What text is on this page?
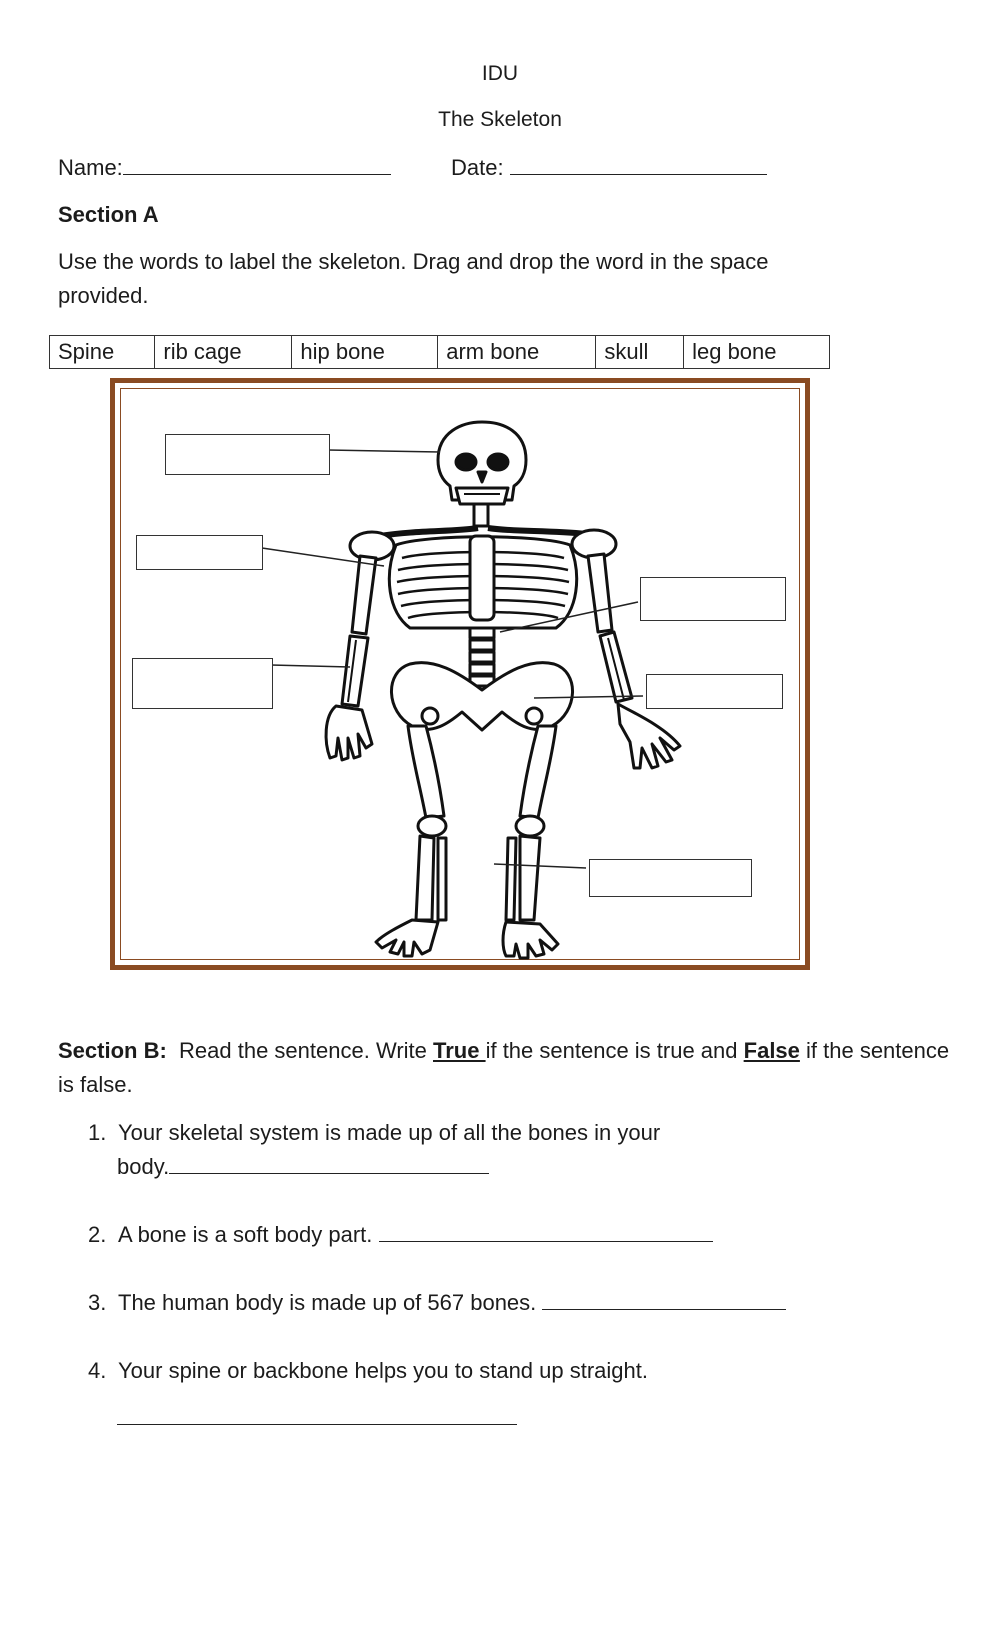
IDU
The Skeleton
Name:	Date:
Section A
Use the words to label the skeleton. Drag and drop the word in the space provided.
Spine	rib cage	hip bone	arm bone	skull	leg bone
Section B: Read the sentence. Write True if the sentence is true and False if the sentence is false.
1. Your skeletal system is made up of all the bones in your
body.
2. A bone is a soft body part.
3. The human body is made up of 567 bones.
4. Your spine or backbone helps you to stand up straight.
